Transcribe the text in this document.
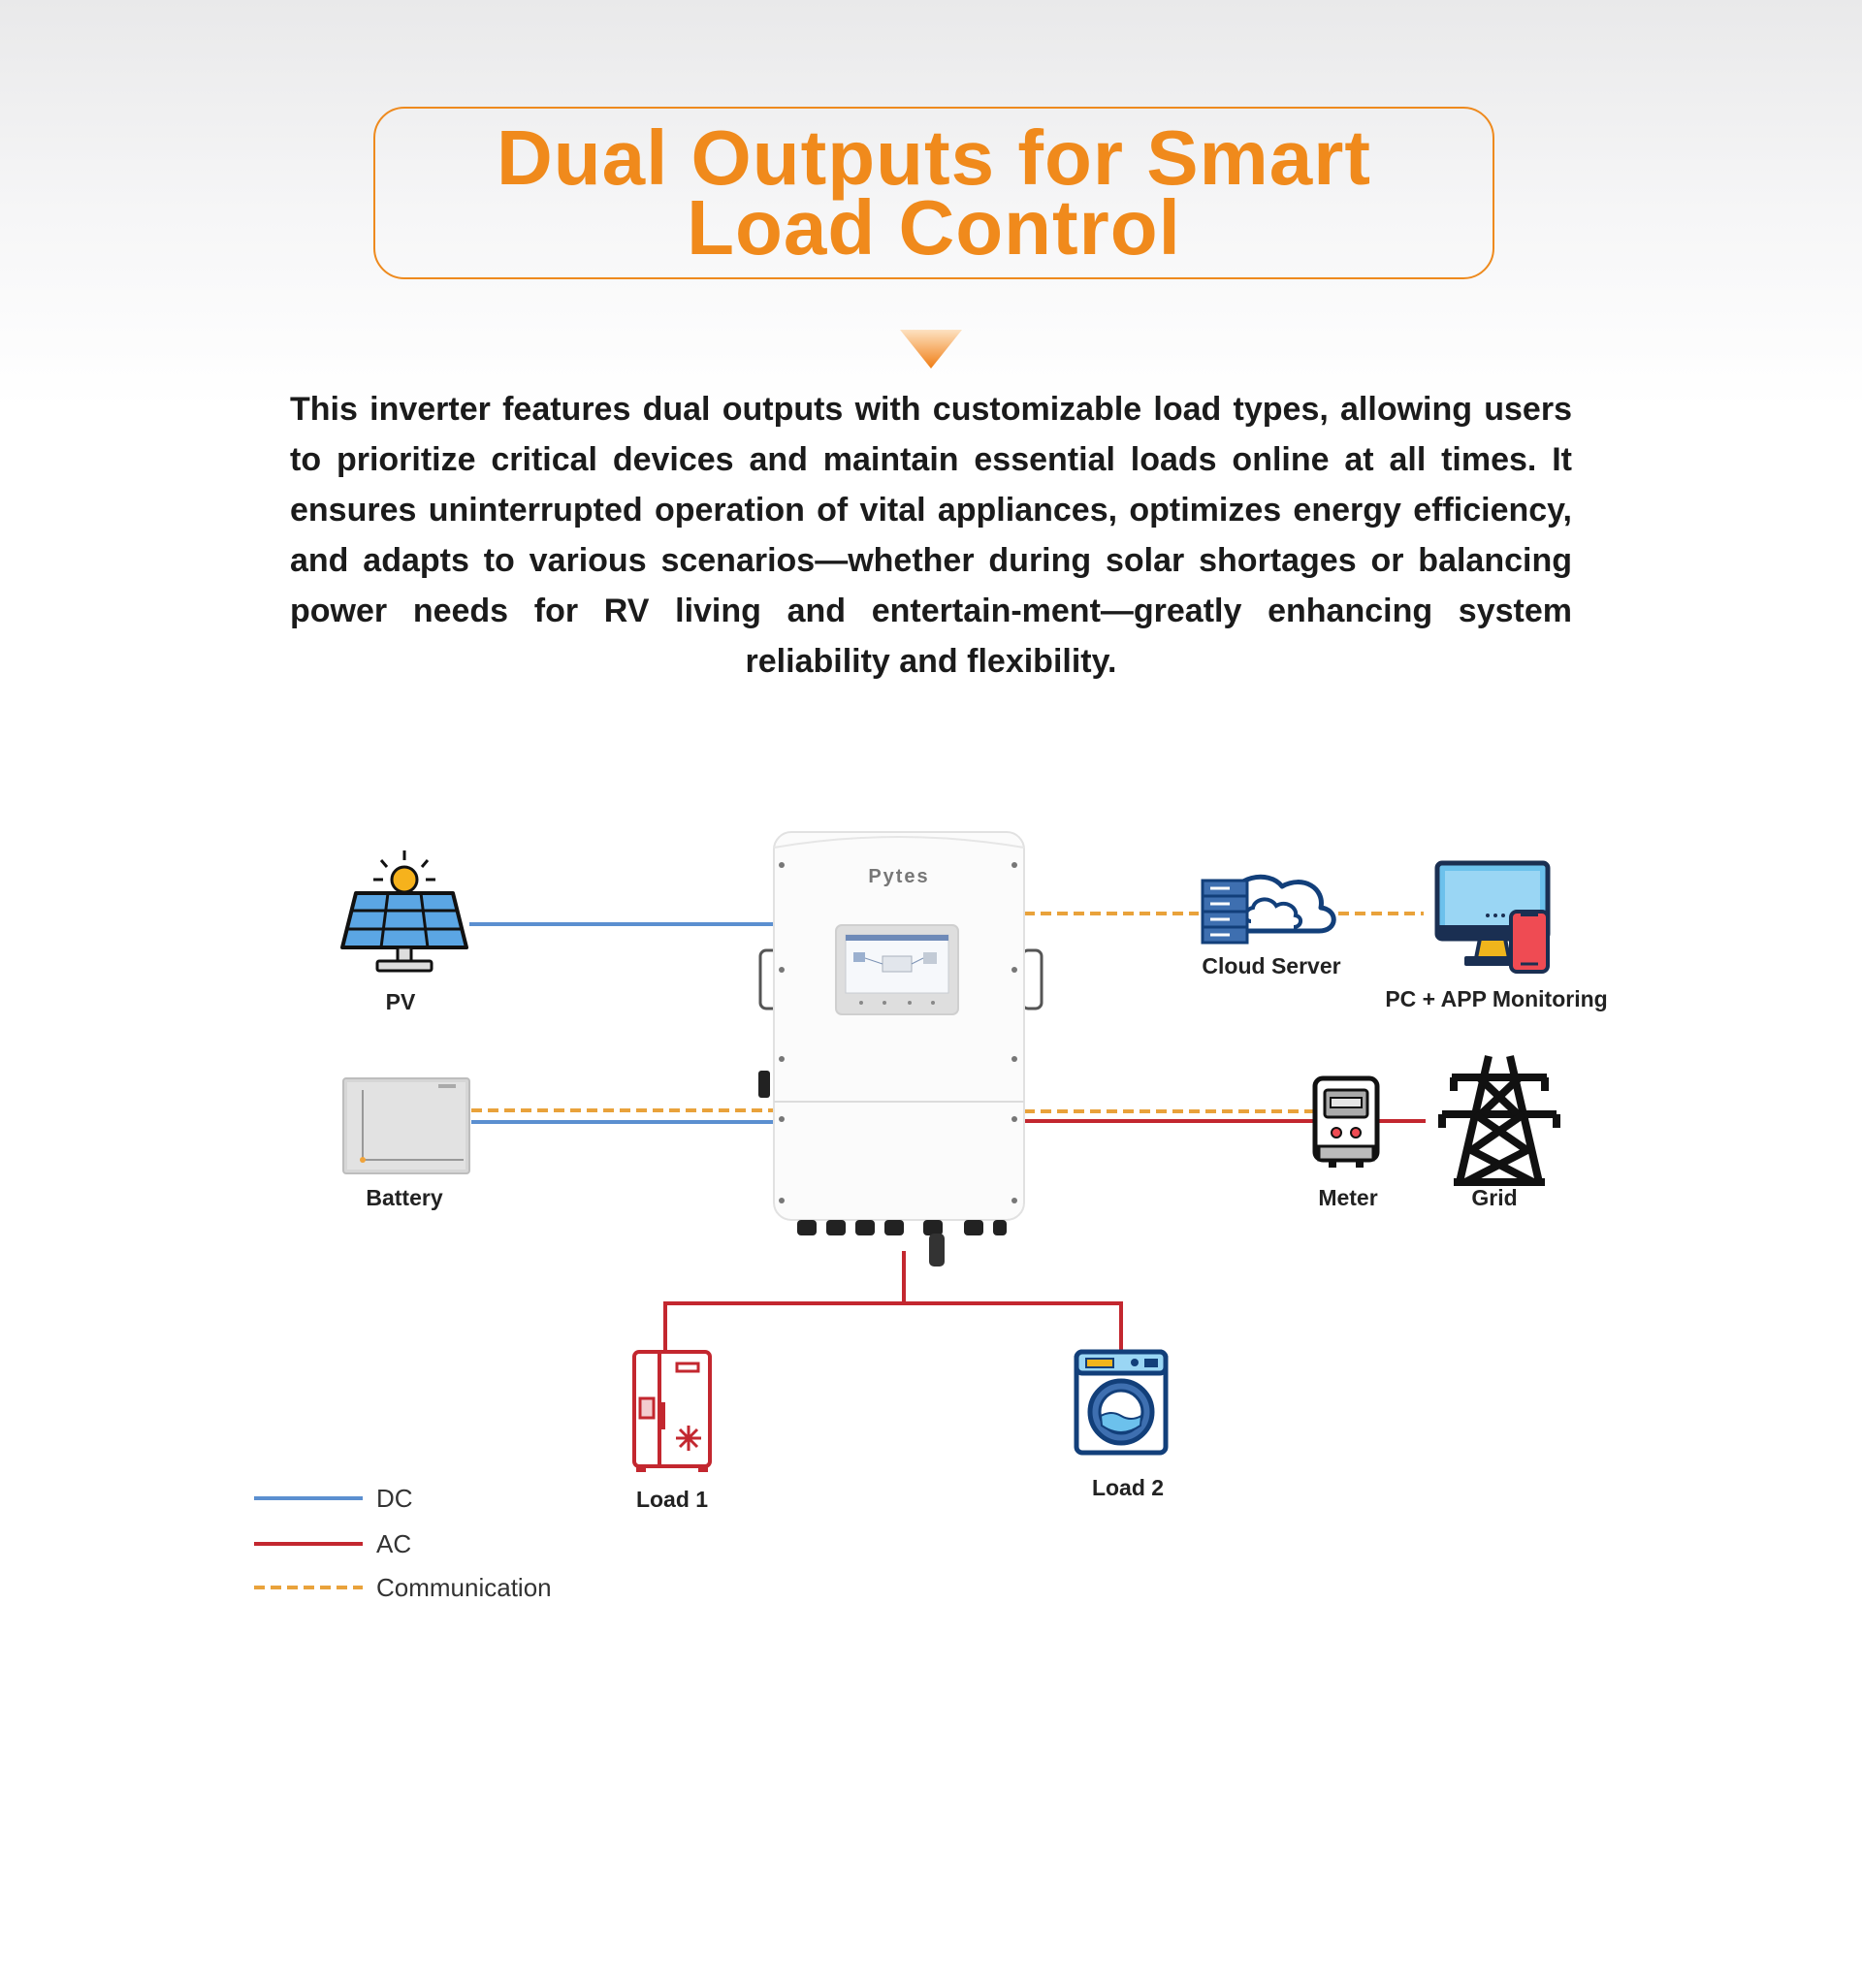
Dual Outputs for Smart
Load Control
This inverter features dual outputs with customizable load types, allowing users to prioritize critical devices and maintain essential loads online at all times. It ensures uninterrupted operation of vital appliances, optimizes energy efficiency, and adapts to various scenarios—whether during solar shortages or balancing power needs for RV living and entertain-ment—greatly enhancing system reliability and flexibility.
Pytes
PV
Battery
Cloud Server
PC + APP Monitoring
Meter	Grid
Load 1	Load 2
DC
AC
Communication
